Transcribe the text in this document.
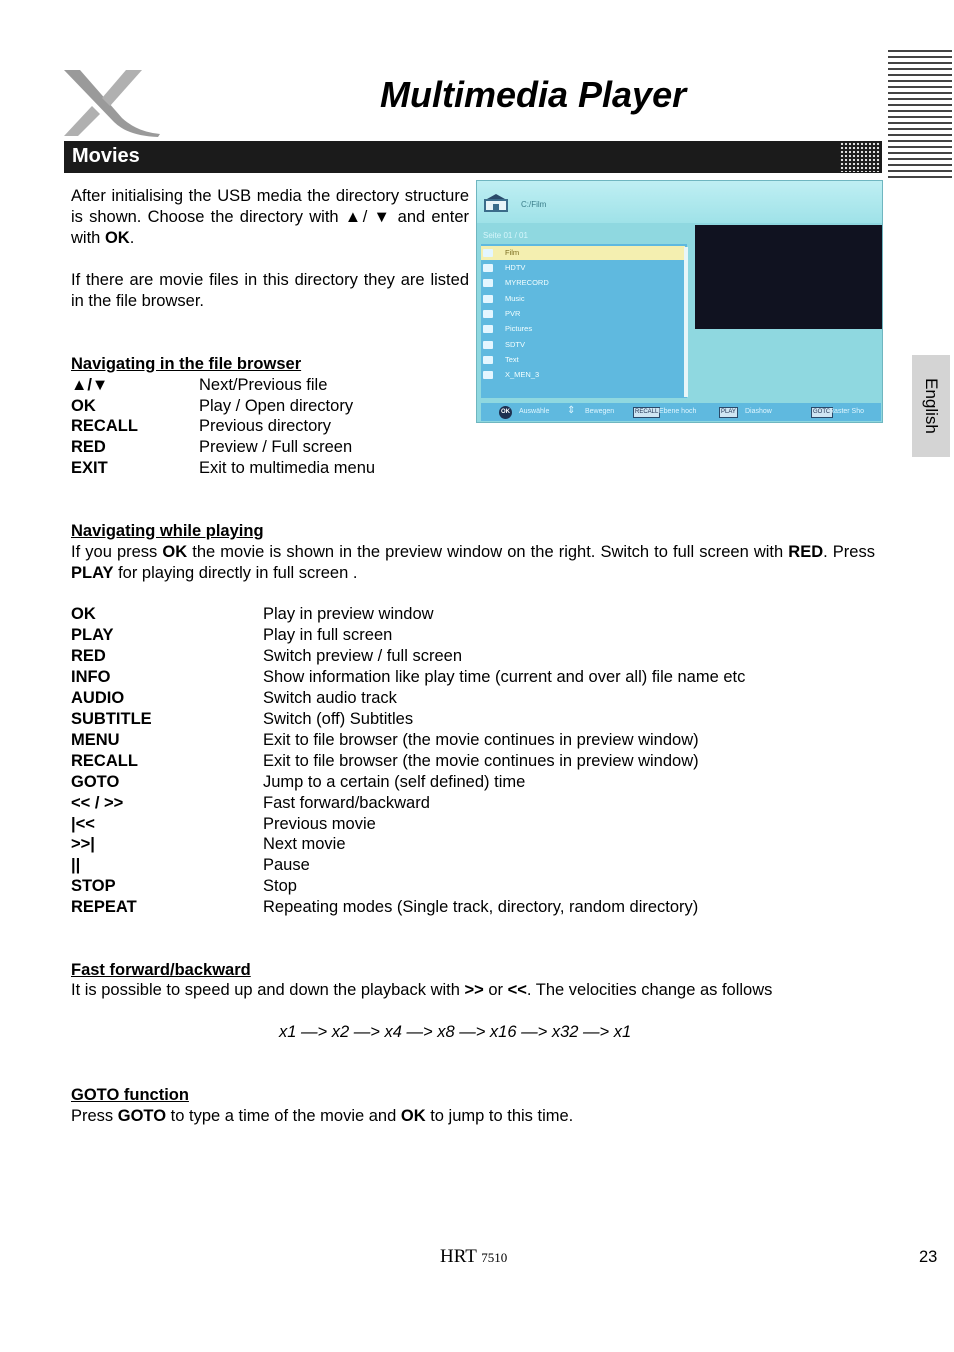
Multimedia Player
Movies
English
After initialising the USB media the directory structure is shown. Choose the directory with ▲/ ▼ and enter with OK.
If there are movie files in this directory they are listed in the file browser.
C:/Film
Seite 01 / 01
Film
HDTV
MYRECORD
Music
PVR
Pictures
SDTV
Text
X_MEN_3
OK Auswähle ⇕ Bewegen	RECALL Ebene hoch	PLAY Diashow	GOTO
Raster Sho
Navigating in the file browser
▲/▼	Next/Previous file
OK	Play / Open directory
RECALL	Previous directory
RED	Preview / Full screen
EXIT	Exit to multimedia menu
Navigating while playing
If you press OK the movie is shown in the preview window on the right. Switch to full screen with RED. Press PLAY for playing directly in full screen .
OK	Play in preview window
PLAY	Play in full screen
RED	Switch preview / full screen
INFO	Show information like play time (current and over all) file name etc
AUDIO	Switch audio track
SUBTITLE	Switch (off) Subtitles
MENU	Exit to file browser (the movie continues in preview window)
RECALL	Exit to file browser (the movie continues in preview window)
GOTO	Jump to a certain (self defined) time
<< / >>	Fast forward/backward
|<<	Previous movie
>>|	Next movie
||	Pause
STOP	Stop
REPEAT	Repeating modes (Single track, directory, random directory)
Fast forward/backward
It is possible to speed up and down the playback with >> or <<. The velocities change as follows
x1 —> x2 —> x4 —> x8 —> x16 —> x32 —> x1
GOTO function
Press GOTO to type a time of the movie and OK to jump to this time.
HRT 7510	23
